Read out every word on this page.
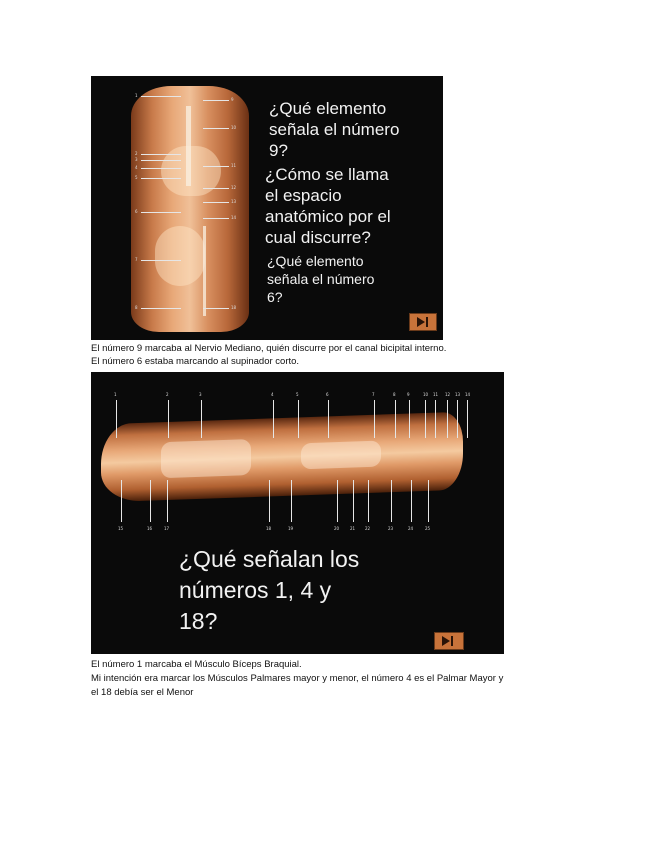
1
2
3
4
5
6
7
8
9
10
11
12
13
14
18
¿Qué elemento
señala el número
9?
¿Cómo se llama
el espacio
anatómico por el
cual discurre?
¿Qué elemento
señala el número
6?
El número 9 marcaba al Nervio Mediano, quién discurre por el canal bicipital interno.
El número 6 estaba marcando al supinador corto.
1	2	3	4	5	6	7	8	9	10 11 12 13 14
15	16	17	18	19	20	21 22	23	24	25
¿Qué señalan los
números 1, 4 y
18?
El número 1 marcaba el Músculo Bíceps Braquial.
Mi intención era marcar los Músculos Palmares mayor y menor, el número 4 es el Palmar Mayor y
el 18 debía ser el Menor
